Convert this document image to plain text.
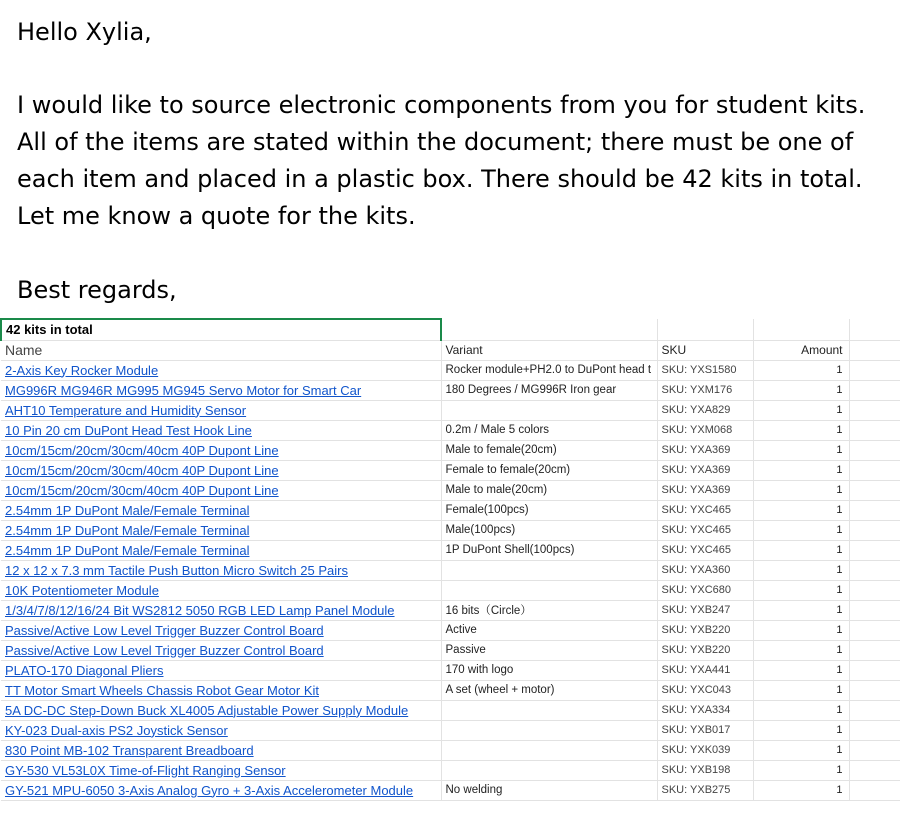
Hello Xylia,
I would like to source electronic components from you for student kits. All of the items are stated within the document; there must be one of each item and placed in a plastic box. There should be 42 kits in total. Let me know a quote for the kits.
Best regards,
42 kits in total				
Name	Variant	SKU	Amount	
2-Axis Key Rocker Module	Rocker module+PH2.0 to DuPont head t	SKU: YXS1580	1	
MG996R MG946R MG995 MG945 Servo Motor for Smart Car	180 Degrees / MG996R Iron gear	SKU: YXM176	1	
AHT10 Temperature and Humidity Sensor		SKU: YXA829	1	
10 Pin 20 cm DuPont Head Test Hook Line	0.2m / Male 5 colors	SKU: YXM068	1	
10cm/15cm/20cm/30cm/40cm 40P Dupont Line	Male to female(20cm)	SKU: YXA369	1	
10cm/15cm/20cm/30cm/40cm 40P Dupont Line	Female to female(20cm)	SKU: YXA369	1	
10cm/15cm/20cm/30cm/40cm 40P Dupont Line	Male to male(20cm)	SKU: YXA369	1	
2.54mm 1P DuPont Male/Female Terminal	Female(100pcs)	SKU: YXC465	1	
2.54mm 1P DuPont Male/Female Terminal	Male(100pcs)	SKU: YXC465	1	
2.54mm 1P DuPont Male/Female Terminal	1P DuPont Shell(100pcs)	SKU: YXC465	1	
12 x 12 x 7.3 mm Tactile Push Button Micro Switch 25 Pairs		SKU: YXA360	1	
10K Potentiometer Module		SKU: YXC680	1	
1/3/4/7/8/12/16/24 Bit WS2812 5050 RGB LED Lamp Panel Module	16 bits（Circle）	SKU: YXB247	1	
Passive/Active Low Level Trigger Buzzer Control Board	Active	SKU: YXB220	1	
Passive/Active Low Level Trigger Buzzer Control Board	Passive	SKU: YXB220	1	
PLATO-170 Diagonal Pliers	170 with logo	SKU: YXA441	1	
TT Motor Smart Wheels Chassis Robot Gear Motor Kit	A set (wheel + motor)	SKU: YXC043	1	
5A DC-DC Step-Down Buck XL4005 Adjustable Power Supply Module		SKU: YXA334	1	
KY-023 Dual-axis PS2 Joystick Sensor		SKU: YXB017	1	
830 Point MB-102 Transparent Breadboard		SKU: YXK039	1	
GY-530 VL53L0X Time-of-Flight Ranging Sensor		SKU: YXB198	1	
GY-521 MPU-6050 3-Axis Analog Gyro + 3-Axis Accelerometer Module	No welding	SKU: YXB275	1	
